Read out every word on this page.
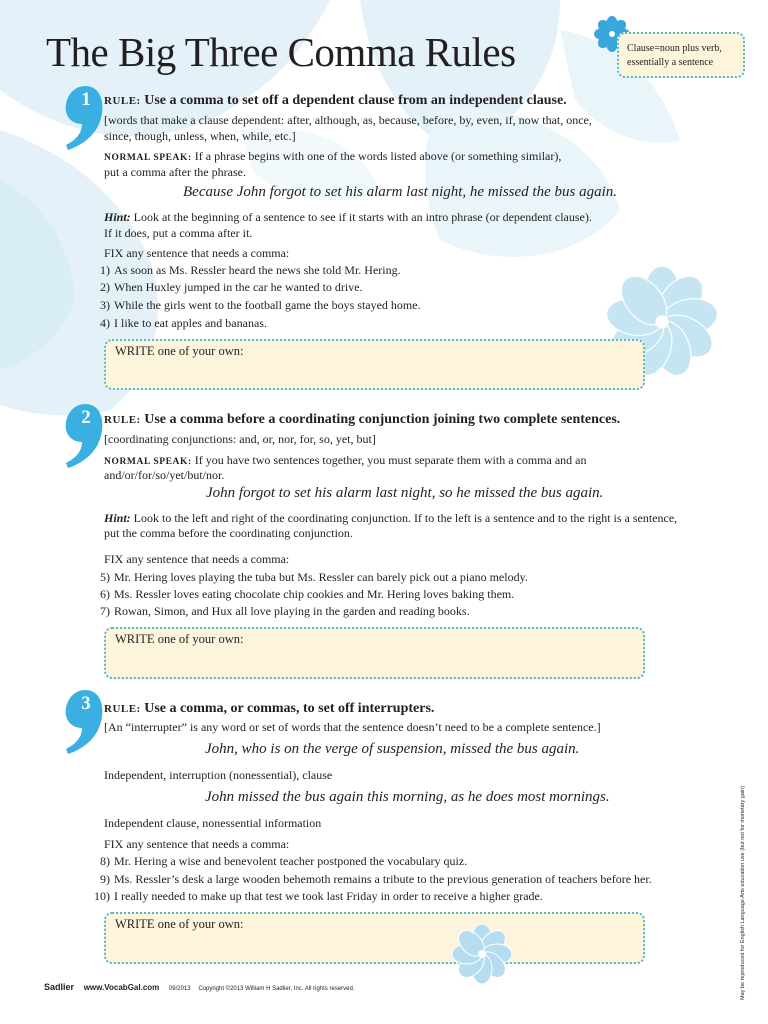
The Big Three Comma Rules	Clause=noun plus verb,
essentially a sentence
1	RULE: Use a comma to set off a dependent clause from an independent clause.
[words that make a clause dependent: after, although, as, because, before, by, even, if, now that, once,
since, though, unless, when, while, etc.]
NORMAL SPEAK: If a phrase begins with one of the words listed above (or something similar),
put a comma after the phrase.
Because John forgot to set his alarm last night, he missed the bus again.
Hint: Look at the beginning of a sentence to see if it starts with an intro phrase (or dependent clause).
If it does, put a comma after it.
FIX any sentence that needs a comma:
1) As soon as Ms. Ressler heard the news she told Mr. Hering.
2) When Huxley jumped in the car he wanted to drive.
3) While the girls went to the football game the boys stayed home.
4) I like to eat apples and bananas.
WRITE one of your own:
2	RULE: Use a comma before a coordinating conjunction joining two complete sentences.
[coordinating conjunctions: and, or, nor, for, so, yet, but]
NORMAL SPEAK: If you have two sentences together, you must separate them with a comma and an
and/or/for/so/yet/but/nor.
John forgot to set his alarm last night, so he missed the bus again.
Hint: Look to the left and right of the coordinating conjunction. If to the left is a sentence and to the right is a sentence,
put the comma before the coordinating conjunction.
FIX any sentence that needs a comma:
5) Mr. Hering loves playing the tuba but Ms. Ressler can barely pick out a piano melody.
6) Ms. Ressler loves eating chocolate chip cookies and Mr. Hering loves baking them.
7) Rowan, Simon, and Hux all love playing in the garden and reading books.
WRITE one of your own:
3	RULE: Use a comma, or commas, to set off interrupters.
[An “interrupter” is any word or set of words that the sentence doesn’t need to be a complete sentence.]
John, who is on the verge of suspension, missed the bus again.
Independent, interruption (nonessential), clause
John missed the bus again this morning, as he does most mornings.
Independent clause, nonessential information
FIX any sentence that needs a comma:
8) Mr. Hering a wise and benevolent teacher postponed the vocabulary quiz.
9) Ms. Ressler’s desk a large wooden behemoth remains a tribute to the previous generation of teachers before her.
10) I really needed to make up that test we took last Friday in order to receive a higher grade.
WRITE one of your own:
Sadlier www.VocabGal.com 09/2013 Copyright ©2013 William H Sadlier, Inc. All rights reserved.	May be reproduced for English Language Arts education use (but not for monetary gain)
